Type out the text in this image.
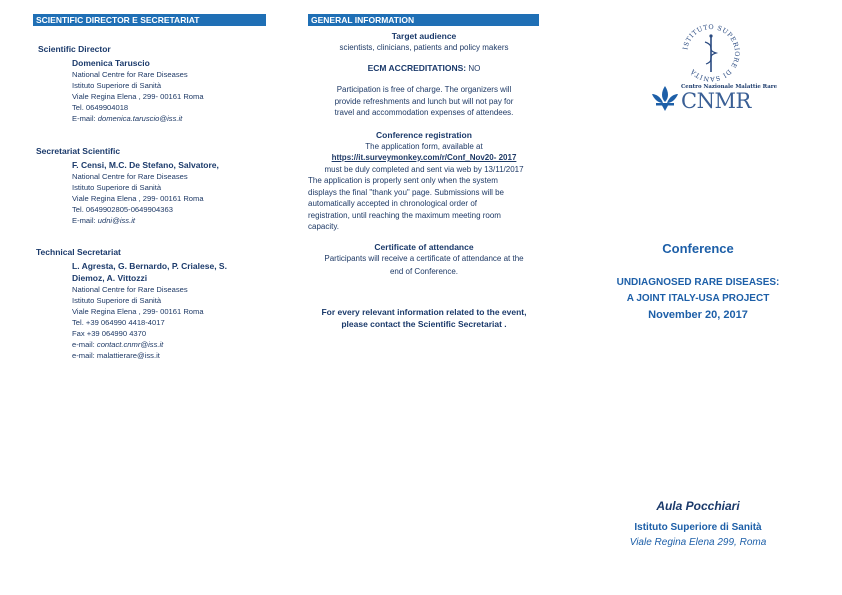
SCIENTIFIC DIRECTOR E SECRETARIAT
Scientific Director
Domenica Taruscio
National Centre for Rare Diseases
Istituto Superiore di Sanità
Viale Regina Elena , 299- 00161 Roma
Tel. 0649904018
E-mail: domenica.taruscio@iss.it
Secretariat Scientific
F. Censi, M.C. De Stefano, Salvatore,
National Centre for Rare Diseases
Istituto Superiore di Sanità
Viale Regina Elena , 299- 00161 Roma
Tel. 0649902805-0649904363
E-mail: udni@iss.it
Technical Secretariat
L. Agresta, G. Bernardo, P. Crialese, S.
Diemoz, A. Vittozzi
National Centre for Rare Diseases
Istituto Superiore di Sanità
Viale Regina Elena , 299- 00161 Roma
Tel. +39 064990 4418-4017
Fax +39 064990 4370
e-mail: contact.cnmr@iss.it
e-mail: malattierare@iss.it
GENERAL INFORMATION
Target audience
scientists, clinicians, patients and policy makers
ECM ACCREDITATIONS: NO
Participation is free of charge. The organizers will
provide refreshments and lunch but will not pay for
travel and accommodation expenses of attendees.
Conference registration
The application form, available at
https://it.surveymonkey.com/r/Conf_Nov20- 2017
must be duly completed and sent via web by 13/11/2017
The application is properly sent only when the system
displays the final "thank you" page. Submissions will be
automatically accepted in chronological order of
registration, until reaching the maximum meeting room
capacity.
Certificate of attendance
Participants will receive a certificate of attendance at the
end of Conference.
For every relevant information related to the event,
please contact the Scientific Secretariat .
ISTITUTO SUPERIORE DI SANITÀ
Centro Nazionale Malattie Rare
CNMR
Conference
UNDIAGNOSED RARE DISEASES:
A JOINT ITALY-USA PROJECT
November 20, 2017
Aula Pocchiari
Istituto Superiore di Sanità
Viale Regina Elena 299, Roma
